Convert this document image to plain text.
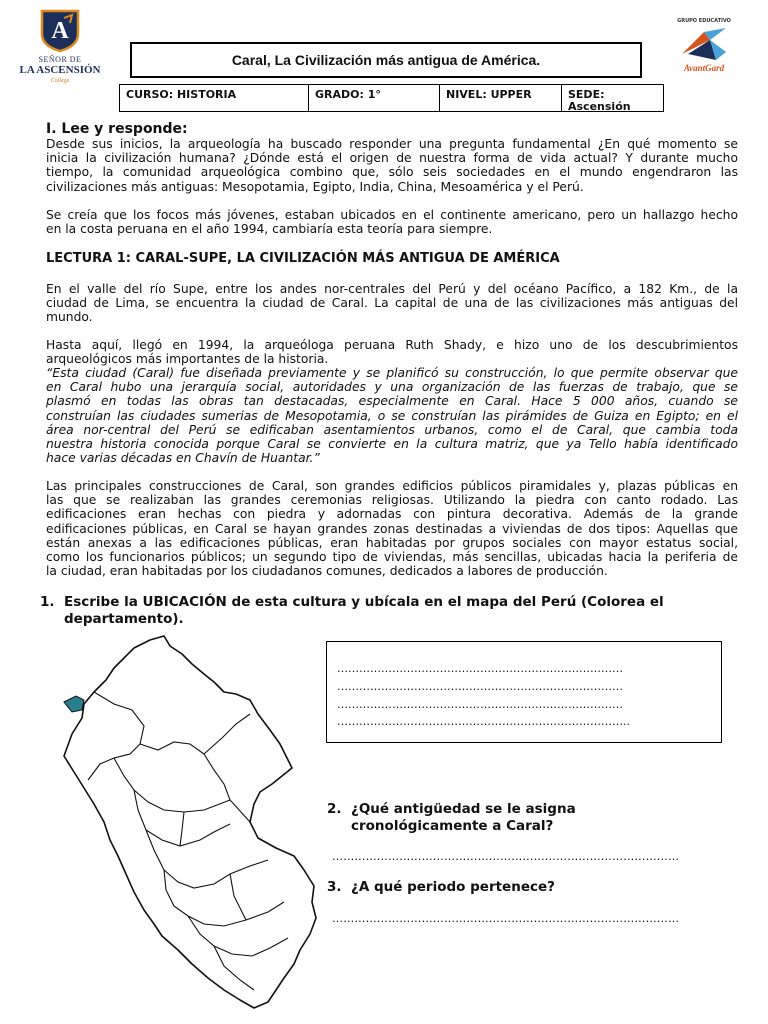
A
SEÑOR DE
LA ASCENSIÓN
College
GRUPO EDUCATIVO
AvantGard
Caral, La Civilización más antigua de América.
CURSO: HISTORIA	GRADO: 1°	NIVEL: UPPER	SEDE:
Ascensión
I. Lee y responde:
Desde sus inicios, la arqueología ha buscado responder una pregunta fundamental ¿En qué momento se
inicia la civilización humana? ¿Dónde está el origen de nuestra forma de vida actual? Y durante mucho
tiempo, la comunidad arqueológica combino que, sólo seis sociedades en el mundo engendraron las
civilizaciones más antiguas: Mesopotamia, Egipto, India, China, Mesoamérica y el Perú.
Se creía que los focos más jóvenes, estaban ubicados en el continente americano, pero un hallazgo hecho
en la costa peruana en el año 1994, cambiaría esta teoría para siempre.
LECTURA 1: CARAL-SUPE, LA CIVILIZACIÓN MÁS ANTIGUA DE AMÉRICA
En el valle del río Supe, entre los andes nor-centrales del Perú y del océano Pacífico, a 182 Km., de la
ciudad de Lima, se encuentra la ciudad de Caral. La capital de una de las civilizaciones más antiguas del
mundo.
Hasta aquí, llegó en 1994, la arqueóloga peruana Ruth Shady, e hizo uno de los descubrimientos
arqueológicos más importantes de la historia.
“Esta ciudad (Caral) fue diseñada previamente y se planificó su construcción, lo que permite observar que
en Caral hubo una jerarquía social, autoridades y una organización de las fuerzas de trabajo, que se
plasmó en todas las obras tan destacadas, especialmente en Caral. Hace 5 000 años, cuando se
construían las ciudades sumerias de Mesopotamia, o se construían las pirámides de Guiza en Egipto; en el
área nor-central del Perú se edificaban asentamientos urbanos, como el de Caral, que cambia toda
nuestra historia conocida porque Caral se convierte en la cultura matriz, que ya Tello había identificado
hace varias décadas en Chavín de Huantar.”
Las principales construcciones de Caral, son grandes edificios públicos piramidales y, plazas públicas en
las que se realizaban las grandes ceremonias religiosas. Utilizando la piedra con canto rodado. Las
edificaciones eran hechas con piedra y adornadas con pintura decorativa. Además de la grande
edificaciones públicas, en Caral se hayan grandes zonas destinadas a viviendas de dos tipos: Aquellas que
están anexas a las edificaciones públicas, eran habitadas por grupos sociales con mayor estatus social,
como los funcionarios públicos; un segundo tipo de viviendas, más sencillas, ubicadas hacia la periferia de
la ciudad, eran habitadas por los ciudadanos comunes, dedicados a labores de producción.
1. Escribe la UBICACIÓN de esta cultura y ubícala en el mapa del Perú (Colorea el
departamento).
……………………………………………………………………
……………………………………………………………………
……………………………………………………………………
……………………………………………………………………..
2. ¿Qué antigüedad se le asigna
cronológicamente a Caral?
…………………………………………………………………………………
3. ¿A qué periodo pertenece?
…………………………………………………………………………………
